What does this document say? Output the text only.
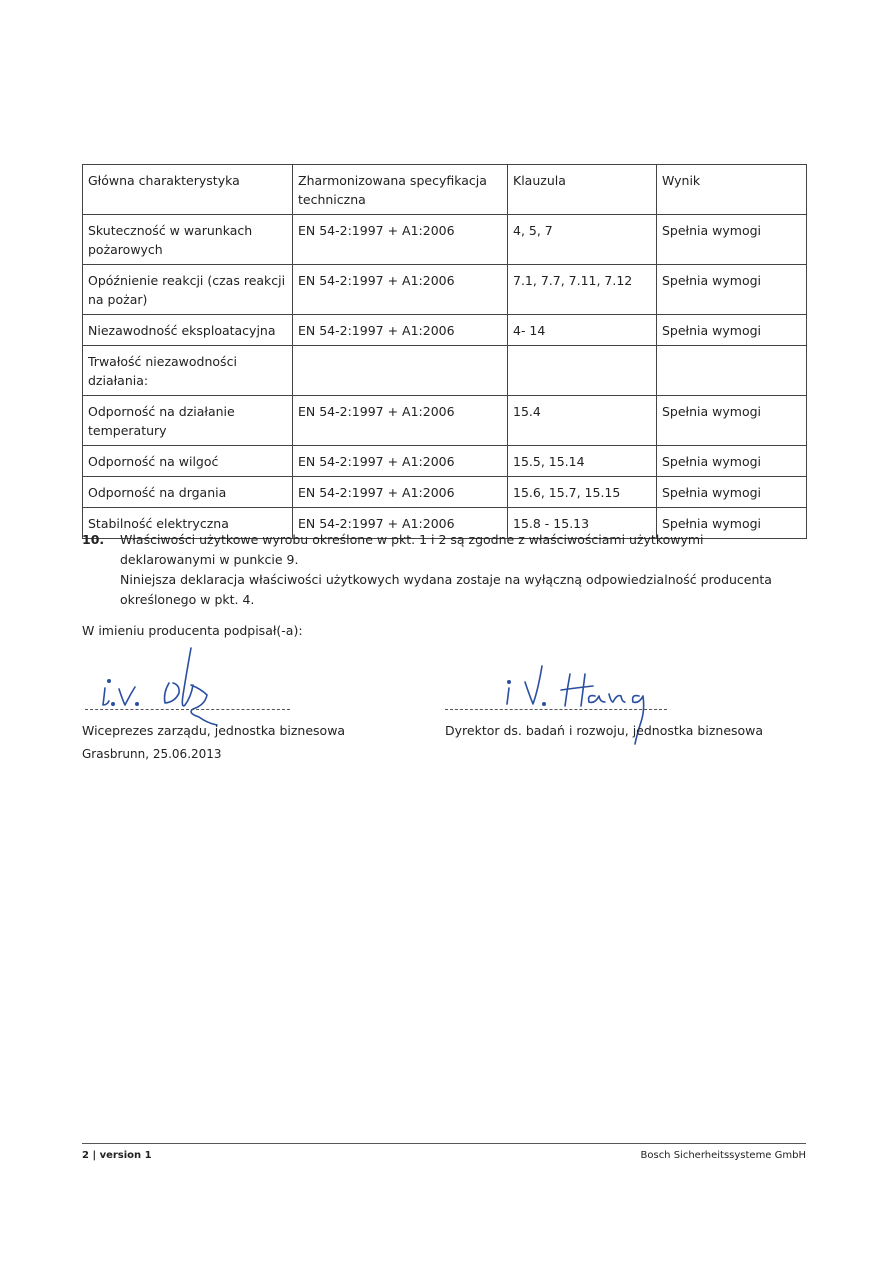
Główna charakterystyka	Zharmonizowana specyfikacja techniczna	Klauzula	Wynik
Skuteczność w warunkach pożarowych	EN 54-2:1997 + A1:2006	4, 5, 7	Spełnia wymogi
Opóźnienie reakcji (czas reakcji na pożar)	EN 54-2:1997 + A1:2006	7.1, 7.7, 7.11, 7.12	Spełnia wymogi
Niezawodność eksploatacyjna	EN 54-2:1997 + A1:2006	4- 14	Spełnia wymogi
Trwałość niezawodności działania:			
Odporność na działanie temperatury	EN 54-2:1997 + A1:2006	15.4	Spełnia wymogi
Odporność na wilgoć	EN 54-2:1997 + A1:2006	15.5, 15.14	Spełnia wymogi
Odporność na drgania	EN 54-2:1997 + A1:2006	15.6, 15.7, 15.15	Spełnia wymogi
Stabilność elektryczna	EN 54-2:1997 + A1:2006	15.8 - 15.13	Spełnia wymogi
10. Właściwości użytkowe wyrobu określone w pkt. 1 i 2 są zgodne z właściwościami użytkowymi deklarowanymi w punkcie 9.

Niniejsza deklaracja właściwości użytkowych wydana zostaje na wyłączną odpowiedzialność producenta określonego w pkt. 4.

W imieniu producenta podpisał(-a):
Wiceprezes zarządu, jednostka biznesowa
Grasbrunn, 25.06.2013
Dyrektor ds. badań i rozwoju, jednostka biznesowa
2 | version 1	Bosch Sicherheitssysteme GmbH
